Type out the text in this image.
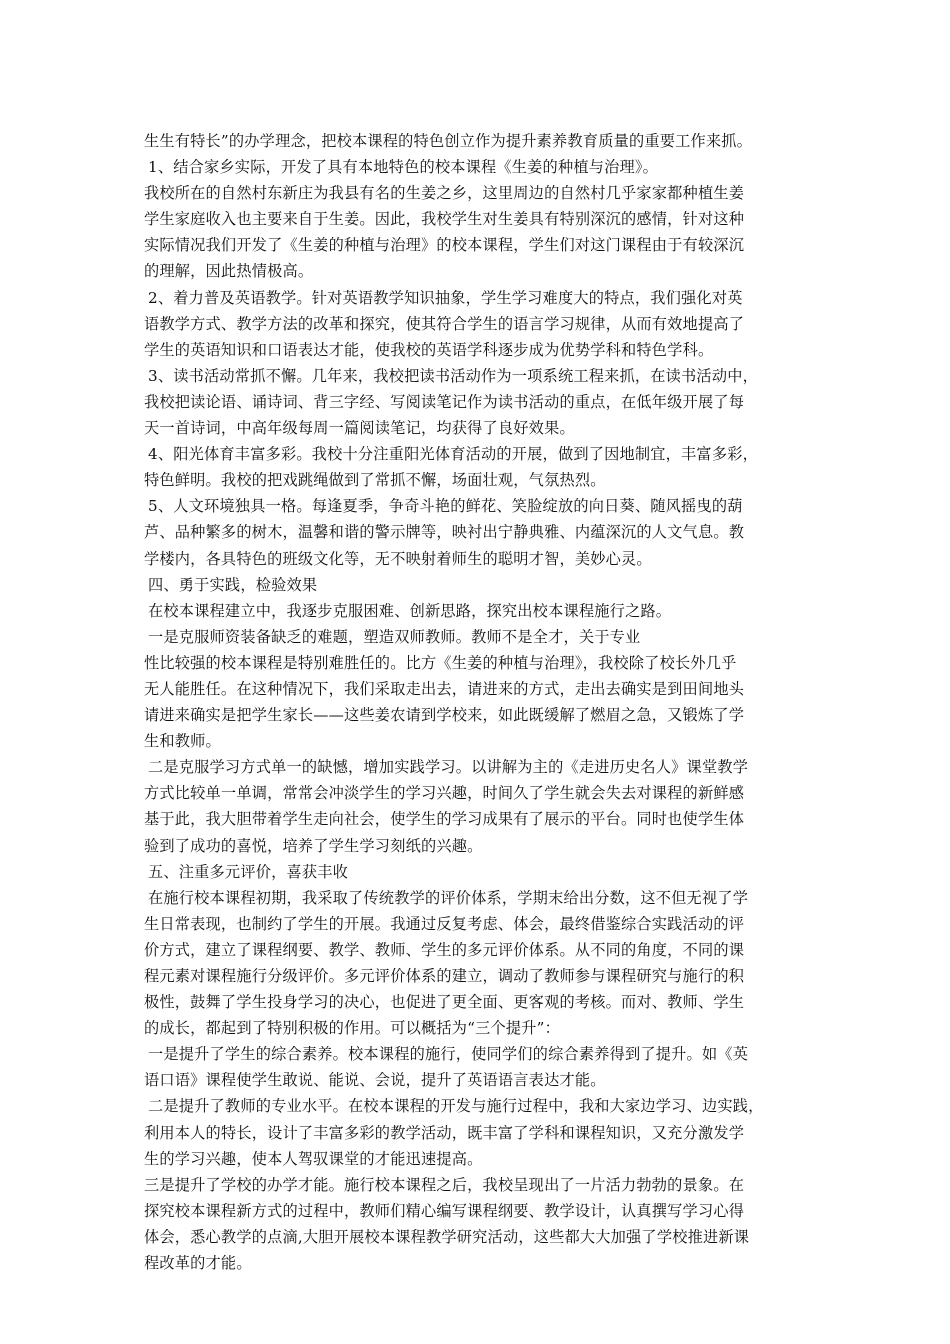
生生有特长”的办学理念，把校本课程的特色创立作为提升素养教育质量的重要工作来抓。
1、结合家乡实际，开发了具有本地特色的校本课程《生姜的种植与治理》。
我校所在的自然村东新庄为我县有名的生姜之乡，这里周边的自然村几乎家家都种植生姜
学生家庭收入也主要来自于生姜。因此，我校学生对生姜具有特别深沉的感情，针对这种
实际情况我们开发了《生姜的种植与治理》的校本课程，学生们对这门课程由于有较深沉
的理解，因此热情极高。
2、着力普及英语教学。针对英语教学知识抽象，学生学习难度大的特点，我们强化对英
语教学方式、教学方法的改革和探究，使其符合学生的语言学习规律，从而有效地提高了
学生的英语知识和口语表达才能，使我校的英语学科逐步成为优势学科和特色学科。
3、读书活动常抓不懈。几年来，我校把读书活动作为一项系统工程来抓，在读书活动中，
我校把读论语、诵诗词、背三字经、写阅读笔记作为读书活动的重点，在低年级开展了每
天一首诗词，中高年级每周一篇阅读笔记，均获得了良好效果。
4、阳光体育丰富多彩。我校十分注重阳光体育活动的开展，做到了因地制宜，丰富多彩，
特色鲜明。我校的把戏跳绳做到了常抓不懈，场面壮观，气氛热烈。
5、人文环境独具一格。每逢夏季，争奇斗艳的鲜花、笑脸绽放的向日葵、随风摇曳的葫
芦、品种繁多的树木，温馨和谐的警示牌等，映衬出宁静典雅、内蕴深沉的人文气息。教
学楼内，各具特色的班级文化等，无不映射着师生的聪明才智，美妙心灵。
四、勇于实践，检验效果
在校本课程建立中，我逐步克服困难、创新思路，探究出校本课程施行之路。
一是克服师资装备缺乏的难题，塑造双师教师。教师不是全才，关于专业
性比较强的校本课程是特别难胜任的。比方《生姜的种植与治理》，我校除了校长外几乎
无人能胜任。在这种情况下，我们采取走出去，请进来的方式，走出去确实是到田间地头
请进来确实是把学生家长——这些姜农请到学校来，如此既缓解了燃眉之急，又锻炼了学
生和教师。
二是克服学习方式单一的缺憾，增加实践学习。以讲解为主的《走进历史名人》课堂教学
方式比较单一单调，常常会冲淡学生的学习兴趣，时间久了学生就会失去对课程的新鲜感
基于此，我大胆带着学生走向社会，使学生的学习成果有了展示的平台。同时也使学生体
验到了成功的喜悦，培养了学生学习刻纸的兴趣。
五、注重多元评价，喜获丰收
在施行校本课程初期，我采取了传统教学的评价体系，学期末给出分数，这不但无视了学
生日常表现，也制约了学生的开展。我通过反复考虑、体会，最终借鉴综合实践活动的评
价方式，建立了课程纲要、教学、教师、学生的多元评价体系。从不同的角度，不同的课
程元素对课程施行分级评价。多元评价体系的建立，调动了教师参与课程研究与施行的积
极性，鼓舞了学生投身学习的决心，也促进了更全面、更客观的考核。而对、教师、学生
的成长，都起到了特别积极的作用。可以概括为“三个提升”：
一是提升了学生的综合素养。校本课程的施行，使同学们的综合素养得到了提升。如《英
语口语》课程使学生敢说、能说、会说，提升了英语语言表达才能。
二是提升了教师的专业水平。在校本课程的开发与施行过程中，我和大家边学习、边实践，
利用本人的特长，设计了丰富多彩的教学活动，既丰富了学科和课程知识，又充分激发学
生的学习兴趣，使本人驾驭课堂的才能迅速提高。
三是提升了学校的办学才能。施行校本课程之后，我校呈现出了一片活力勃勃的景象。在
探究校本课程新方式的过程中，教师们精心编写课程纲要、教学设计，认真撰写学习心得
体会，悉心教学的点滴,大胆开展校本课程教学研究活动，这些都大大加强了学校推进新课
程改革的才能。
